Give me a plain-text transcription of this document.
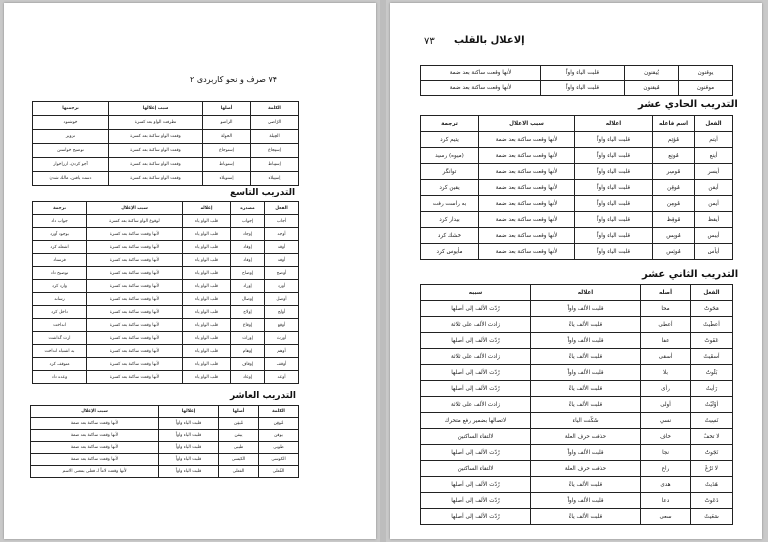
۷۴ صرف و نحو کاربردی ۲
الكلمة	أصلها	سبب إعلالها	ترجمتها
الرّاضي	الراضو	تطرفت الواو بعد كسرة	خوشنود
الحِيلة	الحوِلة	وقعت الواو ساكنة بعد كسرة	تزوير
اِستِجاع	اِستوجاع	وقعت الواو ساكنة بعد كسرة	توضيح خواستن
اِستِباط	اِستوباط	وقعت الواو ساكنة بعد كسرة	آجو كردن، ازراخوار
اِستِبلاء	اِستوبلاء	وقعت الواو ساكنة بعد كسرة	دست يافتن، مالك شدن
التدريب التاسع
الفعل	مصدره	إعلاله	سبب الإعلال	ترجمة
أجاب	إجواب	قلب الواو ياء	لوقوع الواو ساكنة بعد كسرة	جواب داد
أوجد	إوجاد	قلب الواو ياء	لأنها وقعت ساكنة بعد كسرة	بوجود آورد
أوقد	إوقاد	قلب الواو ياء	لأنها وقعت ساكنة بعد كسرة	اشعله كرد
أوفد	إوفاد	قلب الواو ياء	لأنها وقعت ساكنة بعد كسرة	فرستاد
أوضح	إوضاح	قلب الواو ياء	لأنها وقعت ساكنة بعد كسرة	توضيح داد
أورد	إوراد	قلب الواو ياء	لأنها وقعت ساكنة بعد كسرة	وارد كرد
أوصل	إوصال	قلب الواو ياء	لأنها وقعت ساكنة بعد كسرة	رساند
أولج	إولاج	قلب الواو ياء	لأنها وقعت ساكنة بعد كسرة	داخل كرد
أوقع	إوقاع	قلب الواو ياء	لأنها وقعت ساكنة بعد كسرة	انداخت
أورث	إوراث	قلب الواو ياء	لأنها وقعت ساكنة بعد كسرة	ارث گذاشت
أوهم	إوهام	قلب الواو ياء	لأنها وقعت ساكنة بعد كسرة	به اشتباه انداخت
أوقف	إوقاف	قلب الواو ياء	لأنها وقعت ساكنة بعد كسرة	متوقف كرد
أوعد	إوعاد	قلب الواو ياء	لأنها وقعت ساكنة بعد كسرة	وعده داد
التدريب العاشر
الكلمة	أصلها	إعلالها	سبب الإعلال
مُوقِن	مُيقِن	قلبت الياء واواً	لأنها وقعت ساكنة بعد ضمة
يوقن	ييقن	قلبت الياء واواً	لأنها وقعت ساكنة بعد ضمة
طوبى	طيبى	قلبت الياء واواً	لأنها وقعت ساكنة بعد ضمة
الكوسى	الكيسى	قلبت الياء واواً	لأنها وقعت ساكنة بعد ضمة
الفُعلى	الفعلى	قلبت الياء واواً	لأنها وقعت لاماً لـ فعلى بمعنى الاسم
۷۳ إلاعلال بالقلب
يوقنون	يُيقنون	قلبت الياء واواً	لأنها وقعت ساكنة بعد ضمة
موقنون	مُيقنون	قلبت الياء واواً	لأنها وقعت ساكنة بعد ضمة
التدريب الحادي عشر
الفعل	اسم فاعله	اعلاله	سبب الاعلال	ترجمة
أيتم	مُؤتِم	قلبت الياء واواً	لأنها وقعت ساكنة بعد ضمة	يتيم كرد
أينع	مُونِع	قلبت الياء واواً	لأنها وقعت ساكنة بعد ضمة	(ميوه) رسيد
أيسر	مُوسِر	قلبت الياء واواً	لأنها وقعت ساكنة بعد ضمة	توانگر
أيقن	مُوقِن	قلبت الياء واواً	لأنها وقعت ساكنة بعد ضمة	يقين كرد
أيمن	مُومِن	قلبت الياء واواً	لأنها وقعت ساكنة بعد ضمة	به راست رفت
أيقظ	مُوقِظ	قلبت الياء واواً	لأنها وقعت ساكنة بعد ضمة	بيدار كرد
أيبس	مُوبِس	قلبت الياء واواً	لأنها وقعت ساكنة بعد ضمة	خشك كرد
أيأس	مُوئِس	قلبت الياء واواً	لأنها وقعت ساكنة بعد ضمة	مأيوس كرد
التدريب الثاني عشر
الفعل	أصله	اعلاله	سببه
مَحَوتُ	محا	قلبت الألف واواً	رُدّت الألف إلى أصلها
أعطَيتُ	أعطى	قلبت الألف ياءً	زادت الألف على ثلاثة
عَفَوتُ	عفا	قلبت الألف واواً	رُدّت الألف إلى أصلها
أسقَيتُ	أسقى	قلبت الألف ياءً	زادت الألف على ثلاثة
بَلَوتُ	بلا	قلبت الألف واواً	رُدّت الألف إلى أصلها
رَأيتُ	رأى	قلبت الألف ياءً	رُدّت الألف إلى أصلها
أوْلَيْتُ	أولى	قلبت الألف ياءً	زادت الألف على ثلاثة
نَسِيتُ	نسي	سُكّنت الياء	لاتصالها بضمير رفع متحرك
لا تخفْ	خاف	حذفت حرف العلة	لالتقاء الساكنين
نَجَوتُ	نجا	قلبت الألف واواً	رُدّت الألف إلى أصلها
لا تَرُعْ	راع	حذفت حرف العلة	لالتقاء الساكنين
هَدَيتُ	هدى	قلبت الألف ياءً	رُدّت الألف إلى أصلها
دَعَوتُ	دعا	قلبت الألف واواً	رُدّت الألف إلى أصلها
سَعَيتُ	سعى	قلبت الألف ياءً	رُدّت الألف إلى أصلها
